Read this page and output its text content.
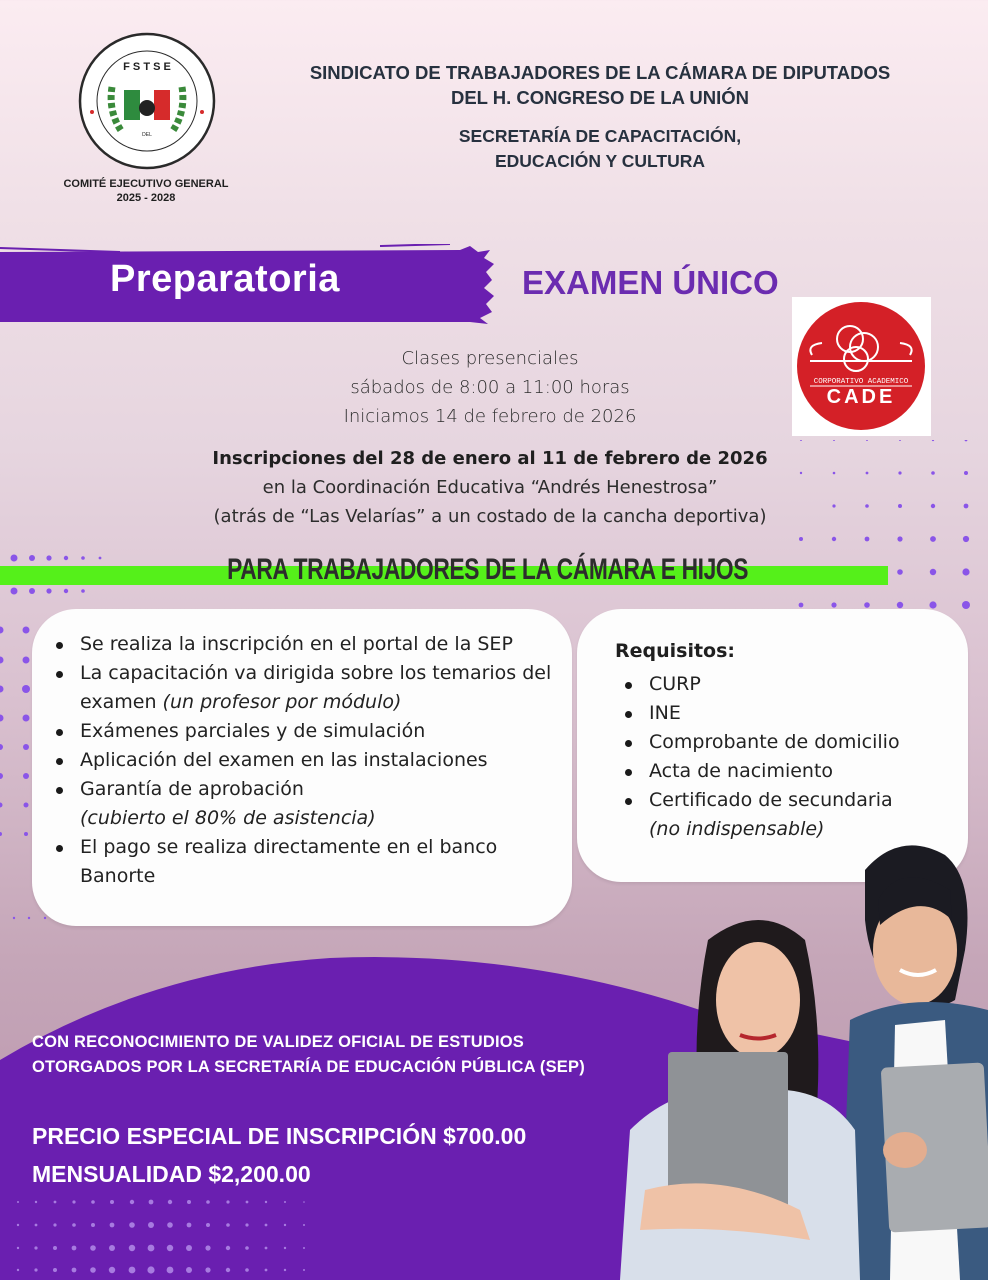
F S T S E
DEL
COMITÉ EJECUTIVO GENERAL
2025 - 2028
SINDICATO DE TRABAJADORES DE LA CÁMARA DE DIPUTADOS
DEL H. CONGRESO DE LA UNIÓN
SECRETARÍA DE CAPACITACIÓN,
EDUCACIÓN Y CULTURA
Preparatoria	EXAMEN ÚNICO
CORPORATIVO ACADEMICO
CADE
Clases presenciales
sábados de 8:00 a 11:00 horas
Iniciamos 14 de febrero de 2026
Inscripciones del 28 de enero al 11 de febrero de 2026
en la Coordinación Educativa “Andrés Henestrosa”
(atrás de “Las Velarías” a un costado de la cancha deportiva)
PARA TRABAJADORES DE LA CÁMARA E HIJOS
Se realiza la inscripción en el portal de la SEP
La capacitación va dirigida sobre los temarios del examen (un profesor por módulo)
Exámenes parciales y de simulación
Aplicación del examen en las instalaciones
Garantía de aprobación
(cubierto el 80% de asistencia)
El pago se realiza directamente en el banco Banorte
Requisitos:
CURP
INE
Comprobante de domicilio
Acta de nacimiento
Certificado de secundaria
(no indispensable)
CON RECONOCIMIENTO DE VALIDEZ OFICIAL DE ESTUDIOS
OTORGADOS POR LA SECRETARÍA DE EDUCACIÓN PÚBLICA (SEP)
PRECIO ESPECIAL DE INSCRIPCIÓN $700.00
MENSUALIDAD $2,200.00
